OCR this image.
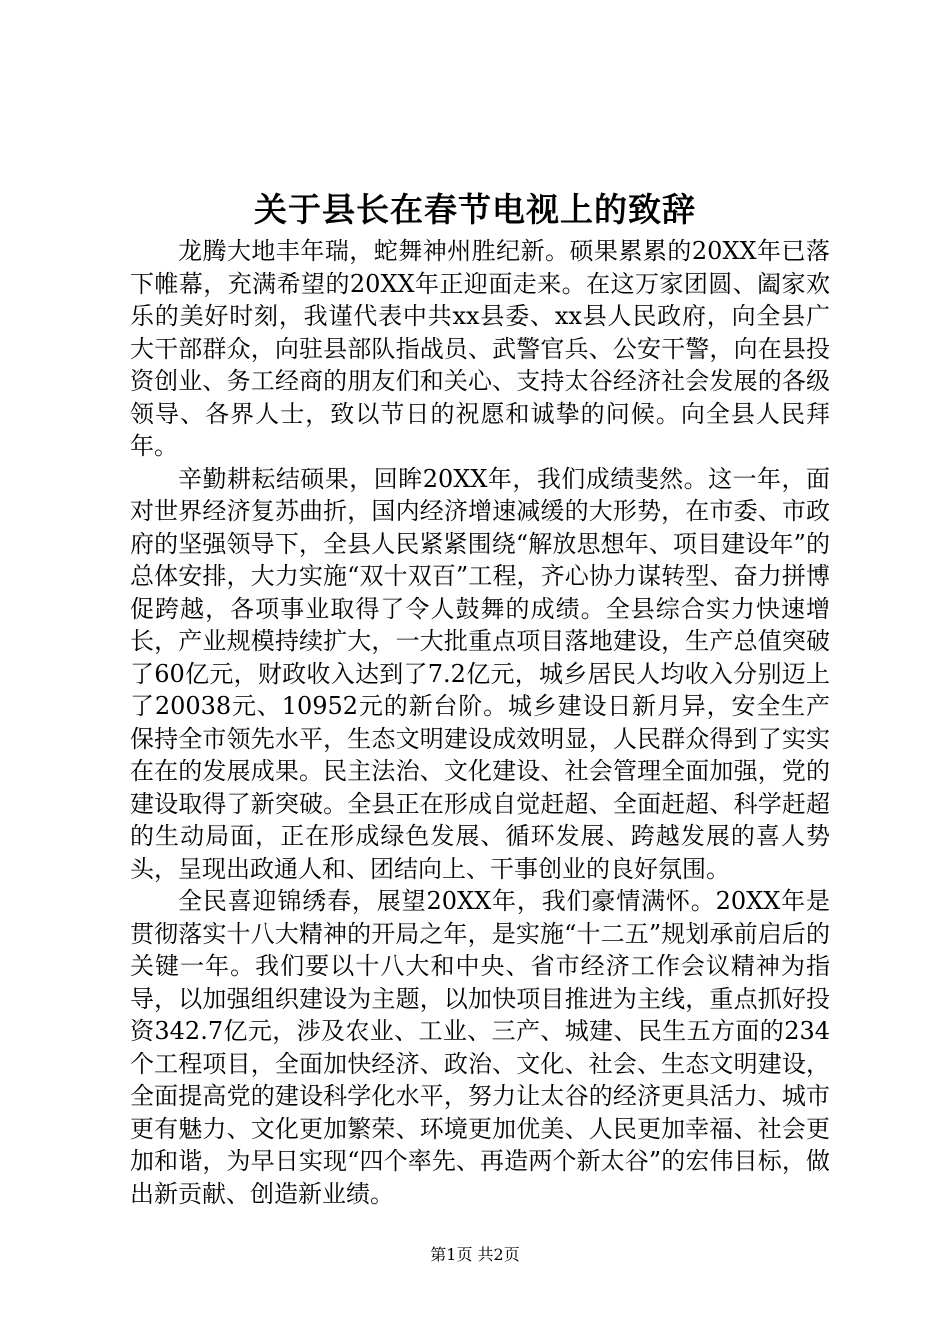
关于县长在春节电视上的致辞

龙腾大地丰年瑞，蛇舞神州胜纪新。硕果累累的20XX年已落下帷幕，充满希望的20XX年正迎面走来。在这万家团圆、阖家欢乐的美好时刻，我谨代表中共xx县委、xx县人民政府，向全县广大干部群众，向驻县部队指战员、武警官兵、公安干警，向在县投资创业、务工经商的朋友们和关心、支持太谷经济社会发展的各级领导、各界人士，致以节日的祝愿和诚挚的问候。向全县人民拜年。

辛勤耕耘结硕果，回眸20XX年，我们成绩斐然。这一年，面对世界经济复苏曲折，国内经济增速减缓的大形势，在市委、市政府的坚强领导下，全县人民紧紧围绕“解放思想年、项目建设年”的总体安排，大力实施“双十双百”工程，齐心协力谋转型、奋力拼博促跨越，各项事业取得了令人鼓舞的成绩。全县综合实力快速增长，产业规模持续扩大，一大批重点项目落地建设，生产总值突破了60亿元，财政收入达到了7.2亿元，城乡居民人均收入分别迈上了20038元、10952元的新台阶。城乡建设日新月异，安全生产保持全市领先水平，生态文明建设成效明显，人民群众得到了实实在在的发展成果。民主法治、文化建设、社会管理全面加强，党的建设取得了新突破。全县正在形成自觉赶超、全面赶超、科学赶超的生动局面，正在形成绿色发展、循环发展、跨越发展的喜人势头，呈现出政通人和、团结向上、干事创业的良好氛围。

全民喜迎锦绣春，展望20XX年，我们豪情满怀。20XX年是贯彻落实十八大精神的开局之年，是实施“十二五”规划承前启后的关键一年。我们要以十八大和中央、省市经济工作会议精神为指导，以加强组织建设为主题，以加快项目推进为主线，重点抓好投资342.7亿元，涉及农业、工业、三产、城建、民生五方面的234个工程项目，全面加快经济、政治、文化、社会、生态文明建设，全面提高党的建设科学化水平，努力让太谷的经济更具活力、城市更有魅力、文化更加繁荣、环境更加优美、人民更加幸福、社会更加和谐，为早日实现“四个率先、再造两个新太谷”的宏伟目标，做出新贡献、创造新业绩。

第1页 共2页
